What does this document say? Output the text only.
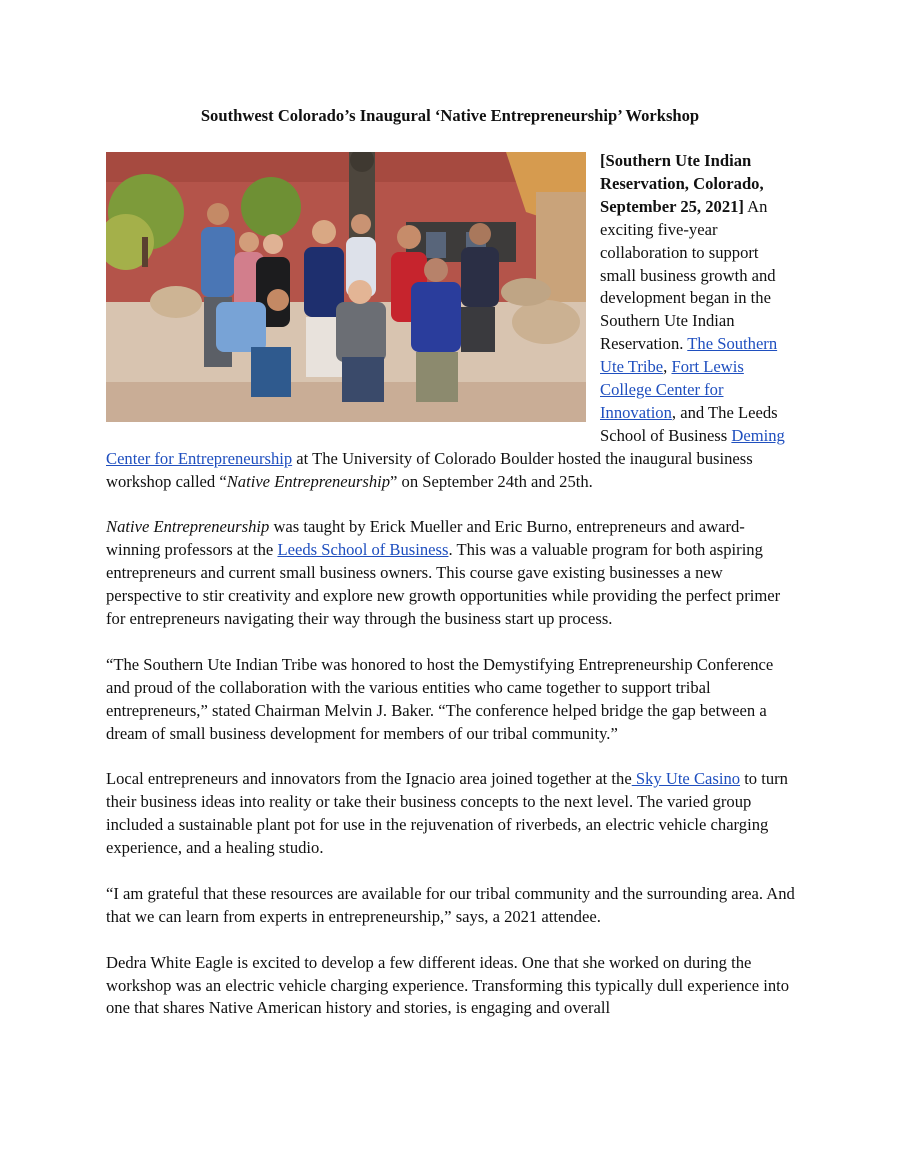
Southwest Colorado’s Inaugural ‘Native Entrepreneurship’ Workshop

[Southern Ute Indian Reservation, Colorado, September 25, 2021] An exciting five-year collaboration to support small business growth and development began in the Southern Ute Indian Reservation. The Southern Ute Tribe, Fort Lewis College Center for Innovation, and The Leeds School of Business Deming Center for Entrepreneurship at The University of Colorado Boulder hosted the inaugural business workshop called “Native Entrepreneurship” on September 24th and 25th.

Native Entrepreneurship was taught by Erick Mueller and Eric Burno, entrepreneurs and award-winning professors at the Leeds School of Business. This was a valuable program for both aspiring entrepreneurs and current small business owners. This course gave existing businesses a new perspective to stir creativity and explore new growth opportunities while providing the perfect primer for entrepreneurs navigating their way through the business start up process.

“The Southern Ute Indian Tribe was honored to host the Demystifying Entrepreneurship Conference and proud of the collaboration with the various entities who came together to support tribal entrepreneurs,” stated Chairman Melvin J. Baker. “The conference helped bridge the gap between a dream of small business development for members of our tribal community.”

Local entrepreneurs and innovators from the Ignacio area joined together at the Sky Ute Casino to turn their business ideas into reality or take their business concepts to the next level. The varied group included a sustainable plant pot for use in the rejuvenation of riverbeds, an electric vehicle charging experience, and a healing studio.

“I am grateful that these resources are available for our tribal community and the surrounding area. And that we can learn from experts in entrepreneurship,” says, a 2021 attendee.

Dedra White Eagle is excited to develop a few different ideas. One that she worked on during the workshop was an electric vehicle charging experience. Transforming this typically dull experience into one that shares Native American history and stories, is engaging and overall
